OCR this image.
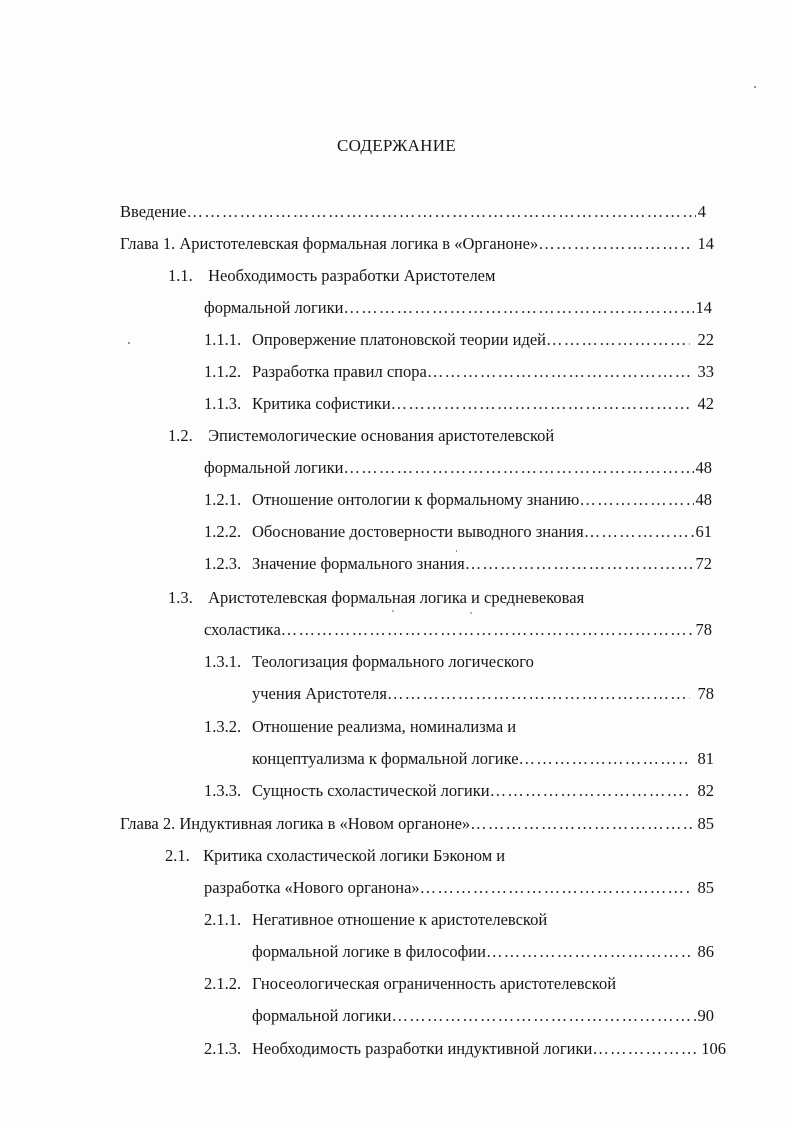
СОДЕРЖАНИЕ
Введение ……………………………………………………………………………………………………………………………………………………	4
Глава 1. Аристотелевская формальная логика в «Органоне» ……………………………………………………………………………………………………………………………………………………	14
1.1. Необходимость разработки Аристотелем
формальной логики ……………………………………………………………………………………………………………………………………………………	14
1.1.1. Опровержение платоновской теории идей ……………………………………………………………………………………………………………………………………………………	22
1.1.2. Разработка правил спора ……………………………………………………………………………………………………………………………………………………	33
1.1.3. Критика софистики ……………………………………………………………………………………………………………………………………………………	42
1.2. Эпистемологические основания аристотелевской
формальной логики ……………………………………………………………………………………………………………………………………………………	48
1.2.1. Отношение онтологии к формальному знанию ……………………………………………………………………………………………………………………………………………………	48
1.2.2. Обоснование достоверности выводного знания ……………………………………………………………………………………………………………………………………………………	61
1.2.3. Значение формального знания ……………………………………………………………………………………………………………………………………………………	72
1.3. Аристотелевская формальная логика и средневековая
схоластика ……………………………………………………………………………………………………………………………………………………	78
1.3.1. Теологизация формального логического
учения Аристотеля ……………………………………………………………………………………………………………………………………………………	78
1.3.2. Отношение реализма, номинализма и
концептуализма к формальной логике ……………………………………………………………………………………………………………………………………………………	81
1.3.3. Сущность схоластической логики ……………………………………………………………………………………………………………………………………………………	82
Глава 2. Индуктивная логика в «Новом органоне» ……………………………………………………………………………………………………………………………………………………	85
2.1. Критика схоластической логики Бэконом и
разработка «Нового органона» ……………………………………………………………………………………………………………………………………………………	85
2.1.1. Негативное отношение к аристотелевской
формальной логике в философии ……………………………………………………………………………………………………………………………………………………	86
2.1.2. Гносеологическая ограниченность аристотелевской
формальной логики ……………………………………………………………………………………………………………………………………………………	90
2.1.3. Необходимость разработки индуктивной логики ……………………………………………………………………………………………………………………………………………………	106
